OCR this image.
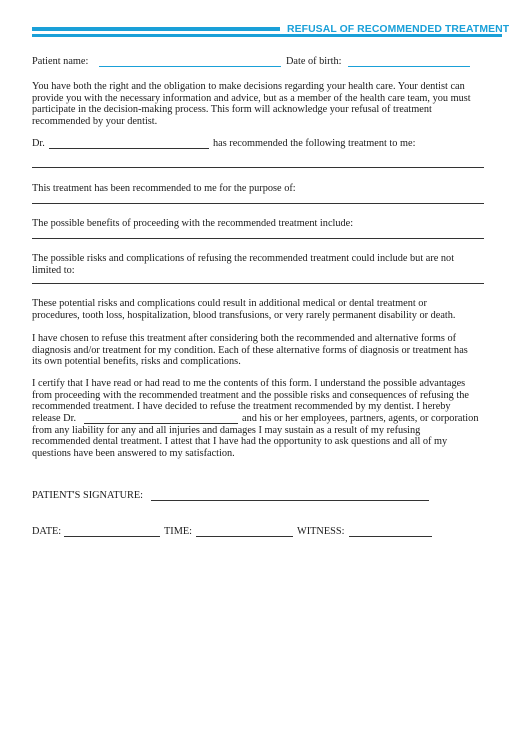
REFUSAL OF RECOMMENDED TREATMENT
Patient name:	Date of birth:
You have both the right and the obligation to make decisions regarding your health care. Your dentist can
provide you with the necessary information and advice, but as a member of the health care team, you must
participate in the decision-making process. This form will acknowledge your refusal of treatment
recommended by your dentist.
Dr.	has recommended the following treatment to me:
This treatment has been recommended to me for the purpose of:
The possible benefits of proceeding with the recommended treatment include:
The possible risks and complications of refusing the recommended treatment could include but are not
limited to:
These potential risks and complications could result in additional medical or dental treatment or
procedures, tooth loss, hospitalization, blood transfusions, or very rarely permanent disability or death.
I have chosen to refuse this treatment after considering both the recommended and alternative forms of
diagnosis and/or treatment for my condition. Each of these alternative forms of diagnosis or treatment has
its own potential benefits, risks and complications.
I certify that I have read or had read to me the contents of this form. I understand the possible advantages
from proceeding with the recommended treatment and the possible risks and consequences of refusing the
recommended treatment. I have decided to refuse the treatment recommended by my dentist. I hereby
release Dr.	and his or her employees, partners, agents, or corporation
from any liability for any and all injuries and damages I may sustain as a result of my refusing
recommended dental treatment. I attest that I have had the opportunity to ask questions and all of my
questions have been answered to my satisfaction.
PATIENT'S SIGNATURE:
DATE:	TIME:	WITNESS:
